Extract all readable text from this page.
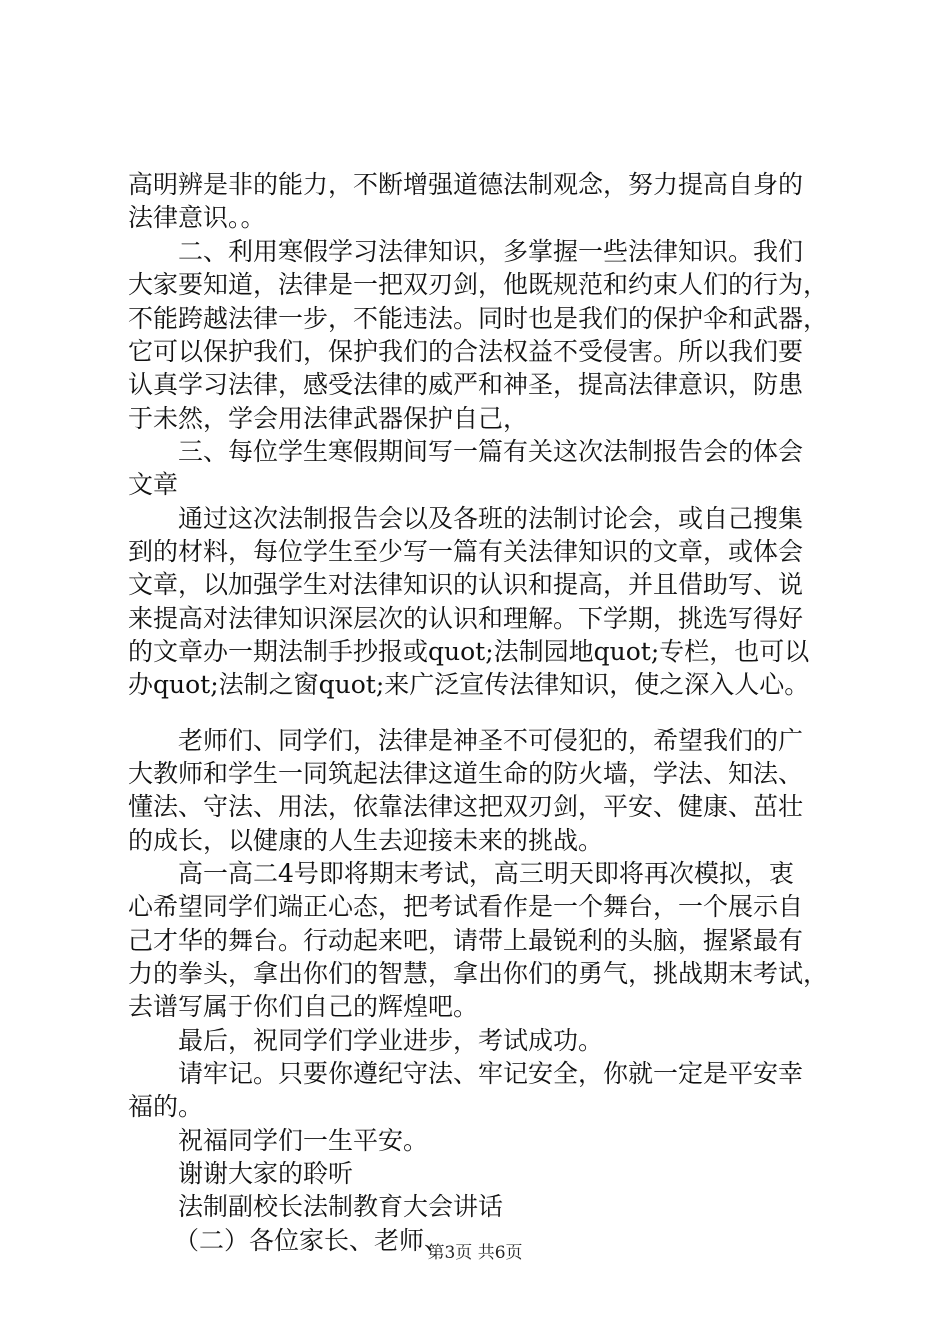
高明辨是非的能力，不断增强道德法制观念，努力提高自身的
法律意识。。
二、利用寒假学习法律知识，多掌握一些法律知识。我们
大家要知道，法律是一把双刃剑，他既规范和约束人们的行为，
不能跨越法律一步，不能违法。同时也是我们的保护伞和武器，
它可以保护我们，保护我们的合法权益不受侵害。所以我们要
认真学习法律，感受法律的威严和神圣，提高法律意识，防患
于未然，学会用法律武器保护自己，
三、每位学生寒假期间写一篇有关这次法制报告会的体会
文章
通过这次法制报告会以及各班的法制讨论会，或自己搜集
到的材料，每位学生至少写一篇有关法律知识的文章，或体会
文章，以加强学生对法律知识的认识和提高，并且借助写、说
来提高对法律知识深层次的认识和理解。下学期，挑选写得好
的文章办一期法制手抄报或quot;法制园地quot;专栏，也可以
办quot;法制之窗quot;来广泛宣传法律知识，使之深入人心。
老师们、同学们，法律是神圣不可侵犯的，希望我们的广
大教师和学生一同筑起法律这道生命的防火墙，学法、知法、
懂法、守法、用法，依靠法律这把双刃剑，平安、健康、茁壮
的成长，以健康的人生去迎接未来的挑战。
高一高二4号即将期末考试，高三明天即将再次模拟，衷
心希望同学们端正心态，把考试看作是一个舞台，一个展示自
己才华的舞台。行动起来吧，请带上最锐利的头脑，握紧最有
力的拳头，拿出你们的智慧，拿出你们的勇气，挑战期末考试，
去谱写属于你们自己的辉煌吧。
最后，祝同学们学业进步，考试成功。
请牢记。只要你遵纪守法、牢记安全，你就一定是平安幸
福的。
祝福同学们一生平安。
谢谢大家的聆听
法制副校长法制教育大会讲话
（二）各位家长、老师、
第3页 共6页
